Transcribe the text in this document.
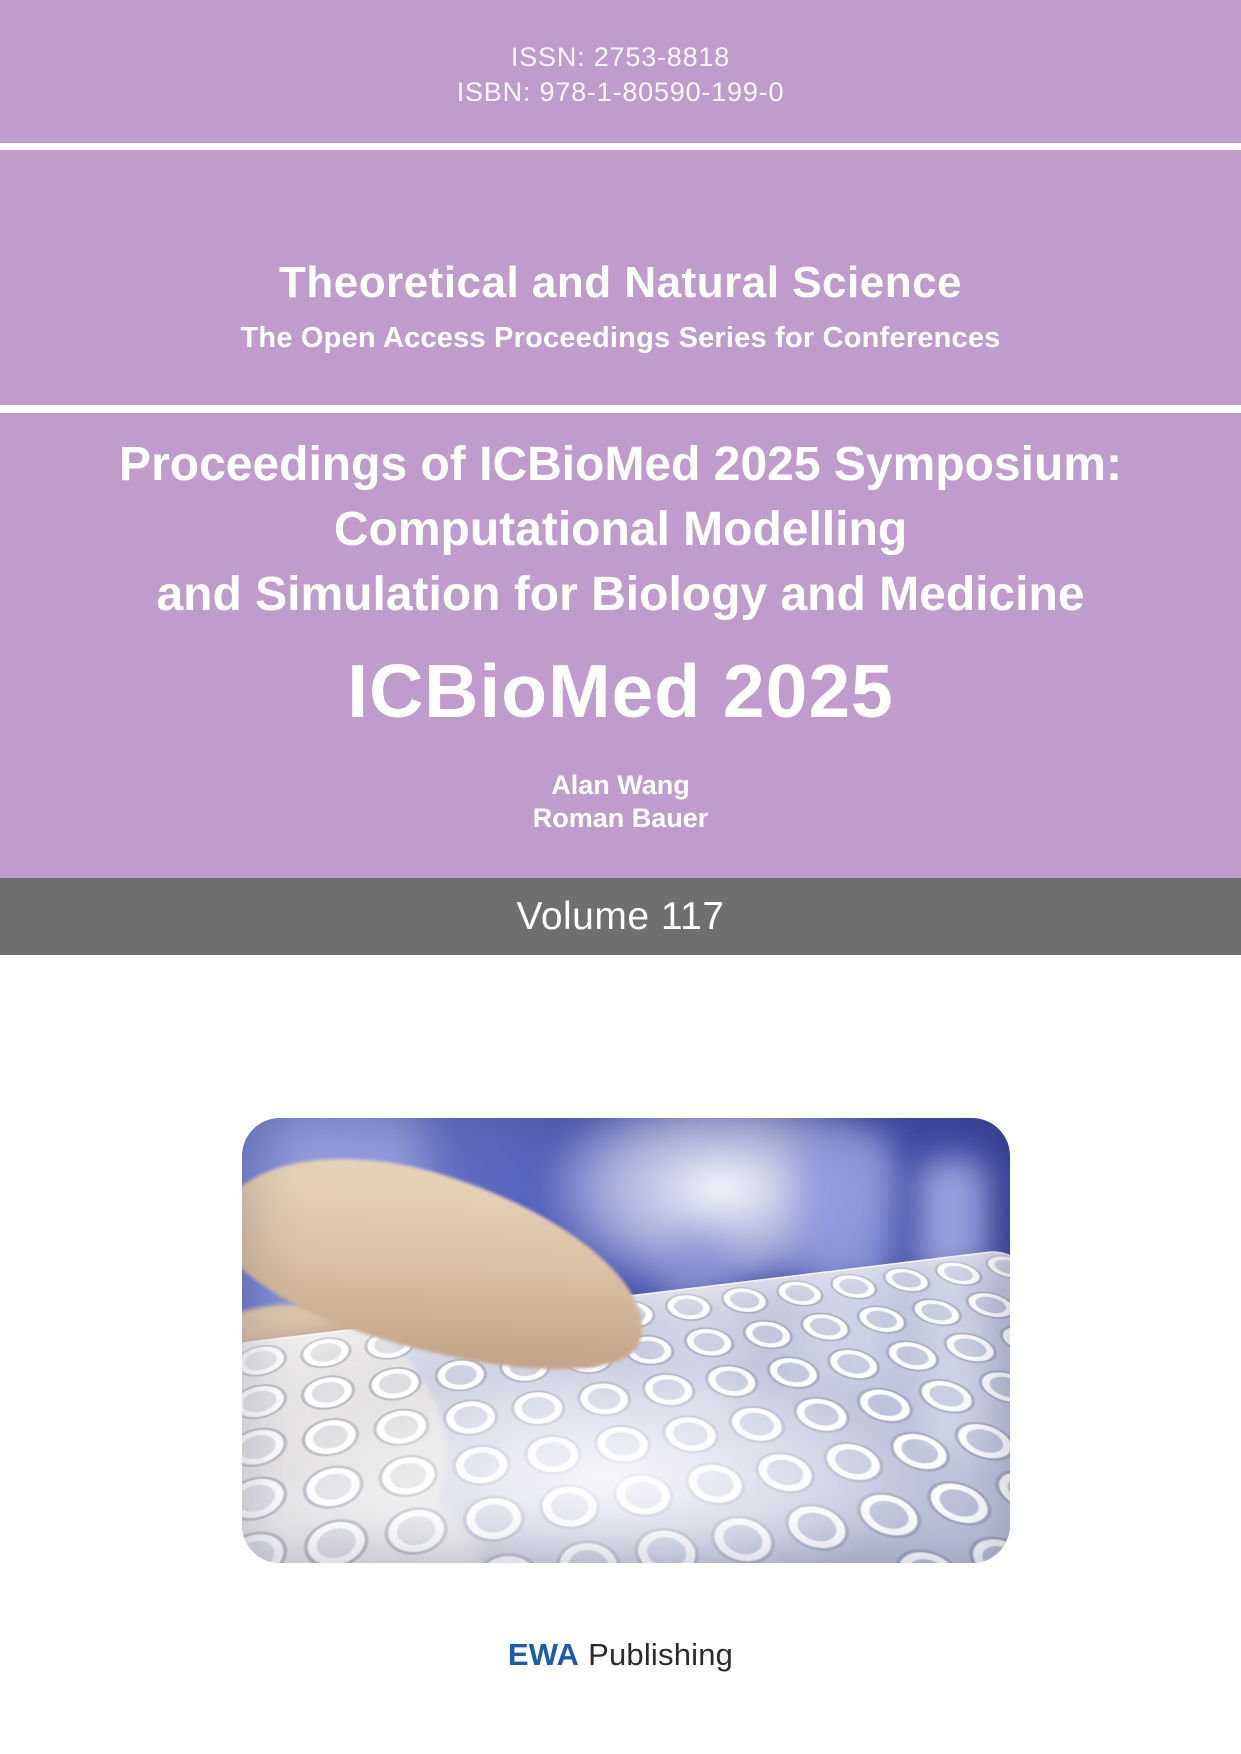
ISSN: 2753-8818
ISBN: 978-1-80590-199-0
Theoretical and Natural Science
The Open Access Proceedings Series for Conferences
Proceedings of ICBioMed 2025 Symposium:
Computational Modelling
and Simulation for Biology and Medicine
ICBioMed 2025
Alan Wang
Roman Bauer
Volume 117
EWA Publishing
